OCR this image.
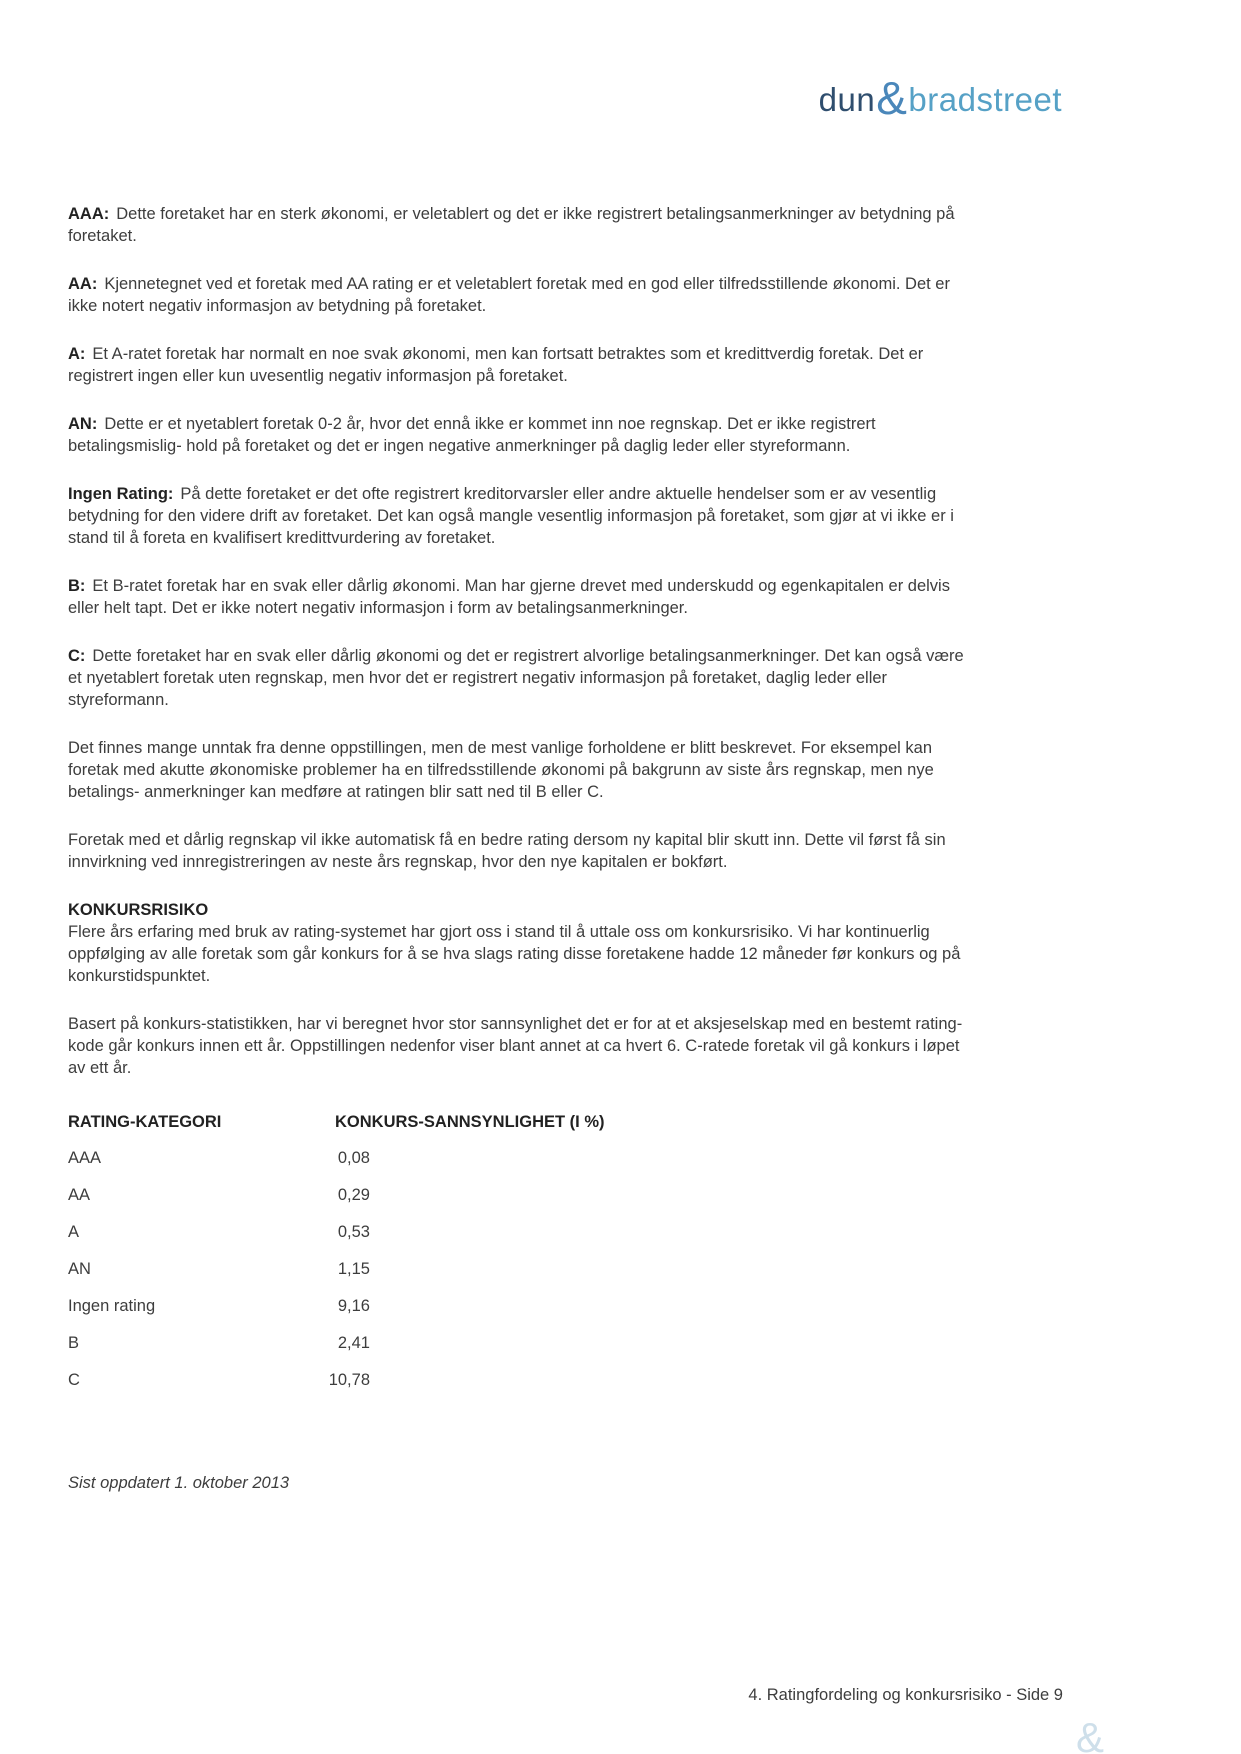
dun & bradstreet

AAA: Dette foretaket har en sterk økonomi, er veletablert og det er ikke registrert betalingsanmerkninger av betydning på foretaket.

AA: Kjennetegnet ved et foretak med AA rating er et veletablert foretak med en god eller tilfredsstillende økonomi. Det er ikke notert negativ informasjon av betydning på foretaket.

A: Et A-ratet foretak har normalt en noe svak økonomi, men kan fortsatt betraktes som et kredittverdig foretak. Det er registrert ingen eller kun uvesentlig negativ informasjon på foretaket.

AN: Dette er et nyetablert foretak 0-2 år, hvor det ennå ikke er kommet inn noe regnskap. Det er ikke registrert betalingsmislig- hold på foretaket og det er ingen negative anmerkninger på daglig leder eller styreformann.

Ingen Rating: På dette foretaket er det ofte registrert kreditorvarsler eller andre aktuelle hendelser som er av vesentlig betydning for den videre drift av foretaket. Det kan også mangle vesentlig informasjon på foretaket, som gjør at vi ikke er i stand til å foreta en kvalifisert kredittvurdering av foretaket.

B: Et B-ratet foretak har en svak eller dårlig økonomi. Man har gjerne drevet med underskudd og egenkapitalen er delvis eller helt tapt. Det er ikke notert negativ informasjon i form av betalingsanmerkninger.

C: Dette foretaket har en svak eller dårlig økonomi og det er registrert alvorlige betalingsanmerkninger. Det kan også være et nyetablert foretak uten regnskap, men hvor det er registrert negativ informasjon på foretaket, daglig leder eller styreformann.

Det finnes mange unntak fra denne oppstillingen, men de mest vanlige forholdene er blitt beskrevet. For eksempel kan foretak med akutte økonomiske problemer ha en tilfredsstillende økonomi på bakgrunn av siste års regnskap, men nye betalings- anmerkninger kan medføre at ratingen blir satt ned til B eller C.

Foretak med et dårlig regnskap vil ikke automatisk få en bedre rating dersom ny kapital blir skutt inn. Dette vil først få sin innvirkning ved innregistreringen av neste års regnskap, hvor den nye kapitalen er bokført.

KONKURSRISIKO

Flere års erfaring med bruk av rating-systemet har gjort oss i stand til å uttale oss om konkursrisiko. Vi har kontinuerlig oppfølging av alle foretak som går konkurs for å se hva slags rating disse foretakene hadde 12 måneder før konkurs og på konkurstidspunktet.

Basert på konkurs-statistikken, har vi beregnet hvor stor sannsynlighet det er for at et aksjeselskap med en bestemt rating-kode går konkurs innen ett år. Oppstillingen nedenfor viser blant annet at ca hvert 6. C-ratede foretak vil gå konkurs i løpet av ett år.

RATING-KATEGORI	KONKURS-SANNSYNLIGHET (I %)
AAA	0,08
AA	0,29
A	0,53
AN	1,15
Ingen rating	9,16
B	2,41
C	10,78
Sist oppdatert 1. oktober 2013
4. Ratingfordeling og konkursrisiko - Side 9
&
